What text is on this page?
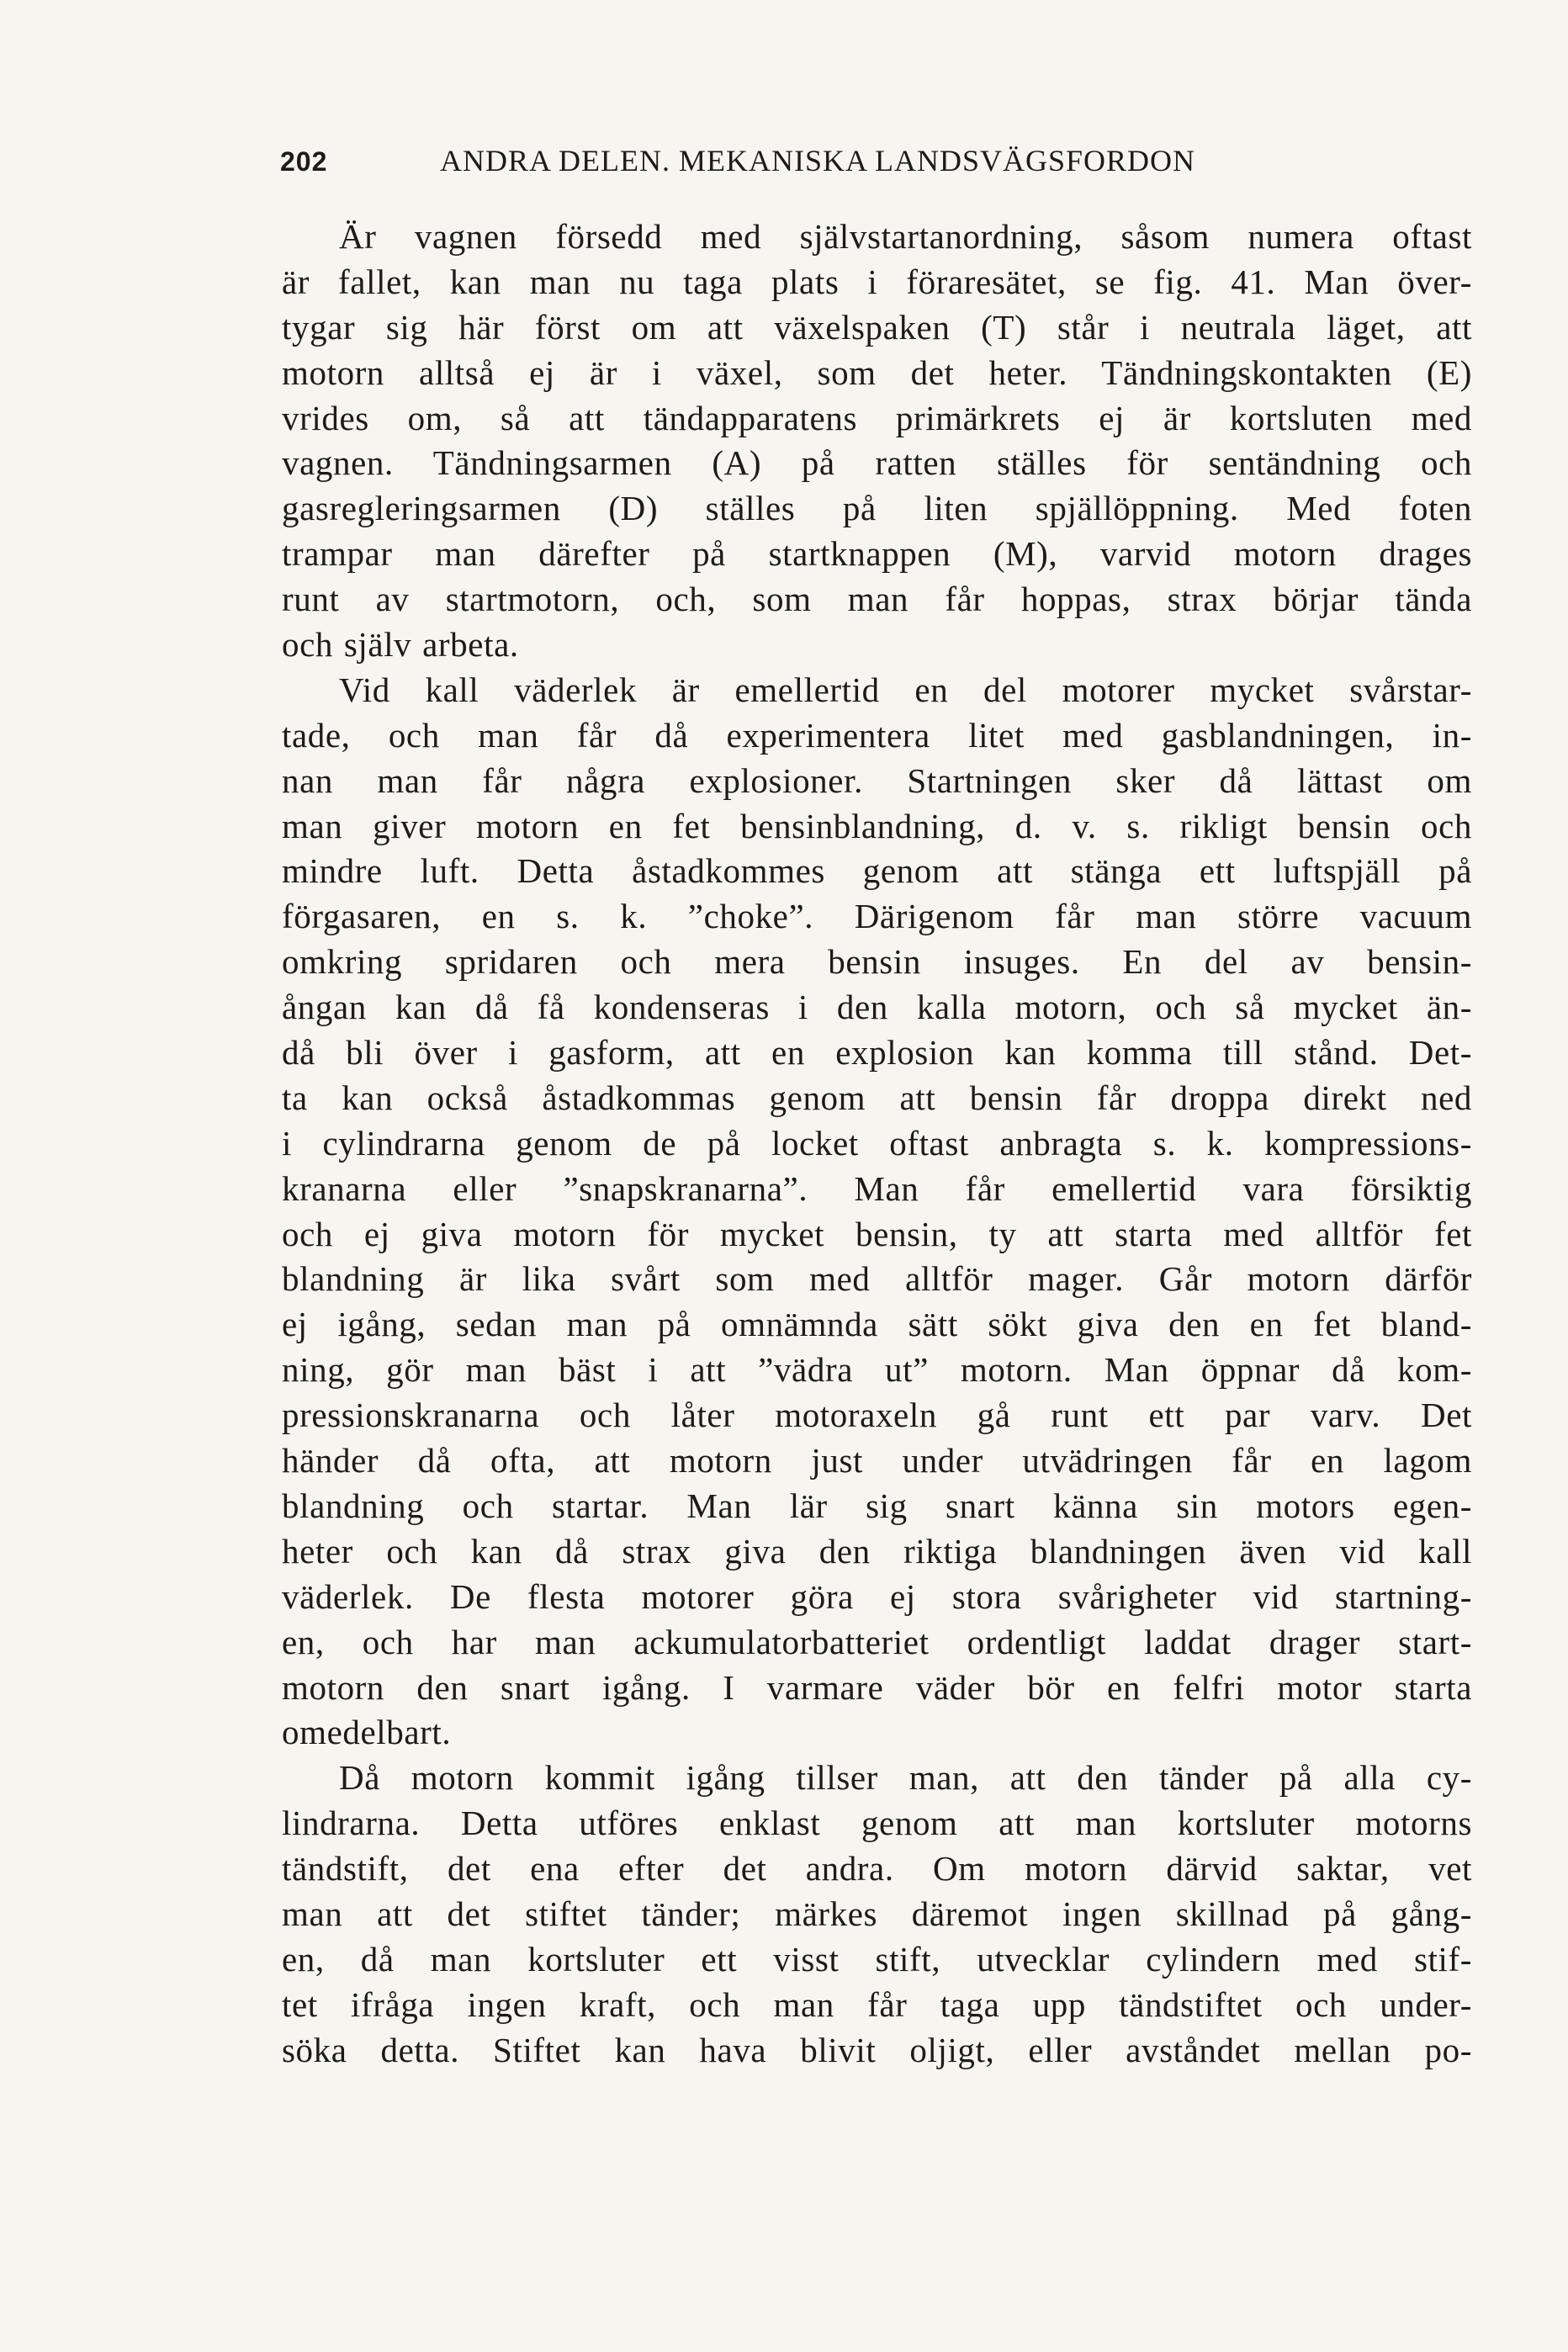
202	ANDRA DELEN. MEKANISKA LANDSVÄGSFORDON
Är vagnen försedd med självstartanordning, såsom numera oftast
är fallet, kan man nu taga plats i föraresätet, se fig. 41. Man över-
tygar sig här först om att växelspaken (T) står i neutrala läget, att
motorn alltså ej är i växel, som det heter. Tändningskontakten (E)
vrides om, så att tändapparatens primärkrets ej är kortsluten med
vagnen. Tändningsarmen (A) på ratten ställes för sentändning och
gasregleringsarmen (D) ställes på liten spjällöppning. Med foten
trampar man därefter på startknappen (M), varvid motorn drages
runt av startmotorn, och, som man får hoppas, strax börjar tända
och själv arbeta.
Vid kall väderlek är emellertid en del motorer mycket svårstar-
tade, och man får då experimentera litet med gasblandningen, in-
nan man får några explosioner. Startningen sker då lättast om
man giver motorn en fet bensinblandning, d. v. s. rikligt bensin och
mindre luft. Detta åstadkommes genom att stänga ett luftspjäll på
förgasaren, en s. k. ”choke”. Därigenom får man större vacuum
omkring spridaren och mera bensin insuges. En del av bensin-
ångan kan då få kondenseras i den kalla motorn, och så mycket än-
då bli över i gasform, att en explosion kan komma till stånd. Det-
ta kan också åstadkommas genom att bensin får droppa direkt ned
i cylindrarna genom de på locket oftast anbragta s. k. kompressions-
kranarna eller ”snapskranarna”. Man får emellertid vara försiktig
och ej giva motorn för mycket bensin, ty att starta med alltför fet
blandning är lika svårt som med alltför mager. Går motorn därför
ej igång, sedan man på omnämnda sätt sökt giva den en fet bland-
ning, gör man bäst i att ”vädra ut” motorn. Man öppnar då kom-
pressionskranarna och låter motoraxeln gå runt ett par varv. Det
händer då ofta, att motorn just under utvädringen får en lagom
blandning och startar. Man lär sig snart känna sin motors egen-
heter och kan då strax giva den riktiga blandningen även vid kall
väderlek. De flesta motorer göra ej stora svårigheter vid startning-
en, och har man ackumulatorbatteriet ordentligt laddat drager start-
motorn den snart igång. I varmare väder bör en felfri motor starta
omedelbart.
Då motorn kommit igång tillser man, att den tänder på alla cy-
lindrarna. Detta utföres enklast genom att man kortsluter motorns
tändstift, det ena efter det andra. Om motorn därvid saktar, vet
man att det stiftet tänder; märkes däremot ingen skillnad på gång-
en, då man kortsluter ett visst stift, utvecklar cylindern med stif-
tet ifråga ingen kraft, och man får taga upp tändstiftet och under-
söka detta. Stiftet kan hava blivit oljigt, eller avståndet mellan po-
